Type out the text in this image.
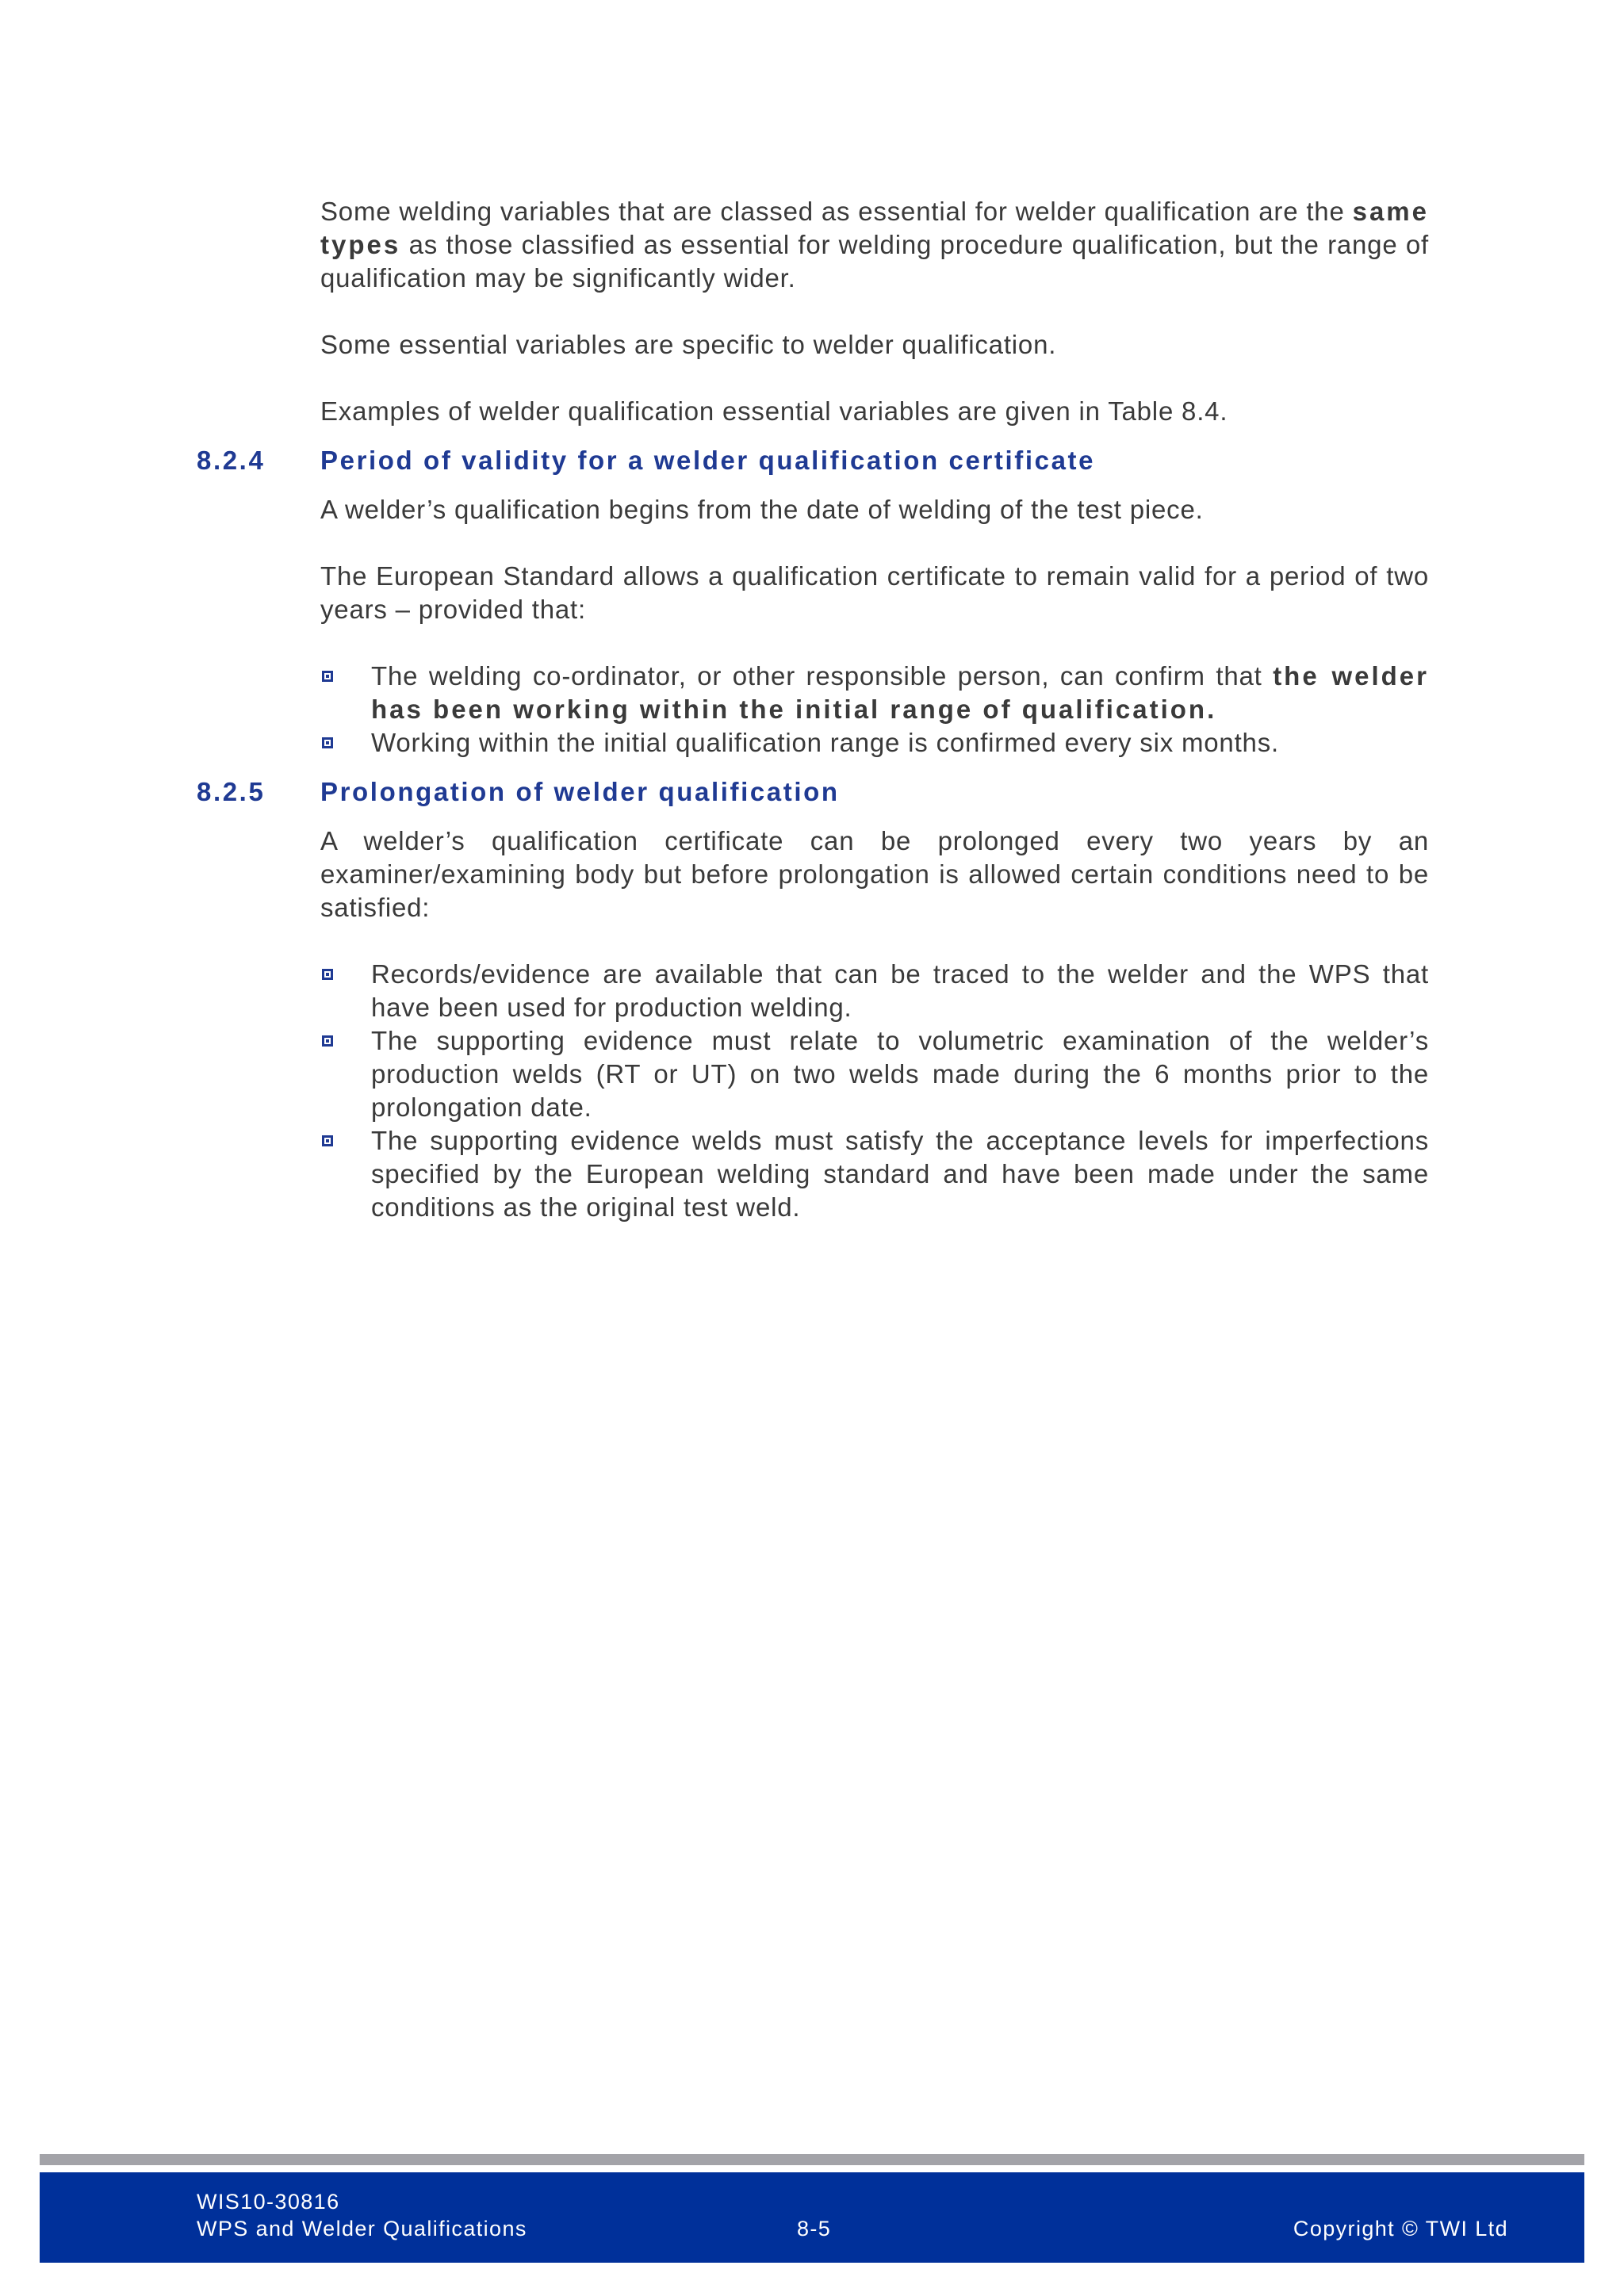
Some welding variables that are classed as essential for welder qualification are the same types as those classified as essential for welding procedure qualification, but the range of qualification may be significantly wider.

Some essential variables are specific to welder qualification.

Examples of welder qualification essential variables are given in Table 8.4.

8.2.4 Period of validity for a welder qualification certificate

A welder’s qualification begins from the date of welding of the test piece.

The European Standard allows a qualification certificate to remain valid for a period of two years – provided that:

The welding co-ordinator, or other responsible person, can confirm that the welder has been working within the initial range of qualification.
Working within the initial qualification range is confirmed every six months.
8.2.5 Prolongation of welder qualification

A welder’s qualification certificate can be prolonged every two years by an examiner/examining body but before prolongation is allowed certain conditions need to be satisfied:

Records/evidence are available that can be traced to the welder and the WPS that have been used for production welding.
The supporting evidence must relate to volumetric examination of the welder’s production welds (RT or UT) on two welds made during the 6 months prior to the prolongation date.
The supporting evidence welds must satisfy the acceptance levels for imperfections specified by the European welding standard and have been made under the same conditions as the original test weld.
WIS10-30816
WPS and Welder Qualifications	8-5	Copyright © TWI Ltd
